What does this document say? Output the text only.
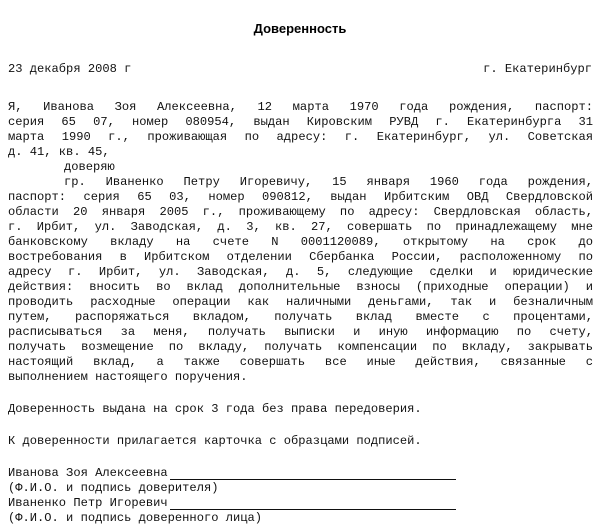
Доверенность
23 декабря 2008 г	г. Екатеринбург
Я, Иванова Зоя Алексеевна, 12 марта 1970 года рождения, паспорт:
серия 65 07, номер 080954, выдан Кировским РУВД г. Екатеринбурга 31
марта 1990 г., проживающая по адресу: г. Екатеринбург, ул. Советская
д. 41, кв. 45,
доверяю
гр. Иваненко Петру Игоревичу, 15 января 1960 года рождения,
паспорт: серия 65 03, номер 090812, выдан Ирбитским ОВД Свердловской
области 20 января 2005 г., проживающему по адресу: Свердловская область,
г. Ирбит, ул. Заводская, д. 3, кв. 27, совершать по принадлежащему мне
банковскому вкладу на счете N 0001120089, открытому на срок до
востребования в Ирбитском отделении Сбербанка России, расположенному по
адресу г. Ирбит, ул. Заводская, д. 5, следующие сделки и юридические
действия: вносить во вклад дополнительные взносы (приходные операции) и
проводить расходные операции как наличными деньгами, так и безналичным
путем, распоряжаться вкладом, получать вклад вместе с процентами,
расписываться за меня, получать выписки и иную информацию по счету,
получать возмещение по вкладу, получать компенсации по вкладу, закрывать
настоящий вклад, а также совершать все иные действия, связанные с
выполнением настоящего поручения.
Доверенность выдана на срок 3 года без права передоверия.
К доверенности прилагается карточка с образцами подписей.
Иванова Зоя Алексеевна
(Ф.И.О. и подпись доверителя)
Иваненко Петр Игоревич
(Ф.И.О. и подпись доверенного лица)
